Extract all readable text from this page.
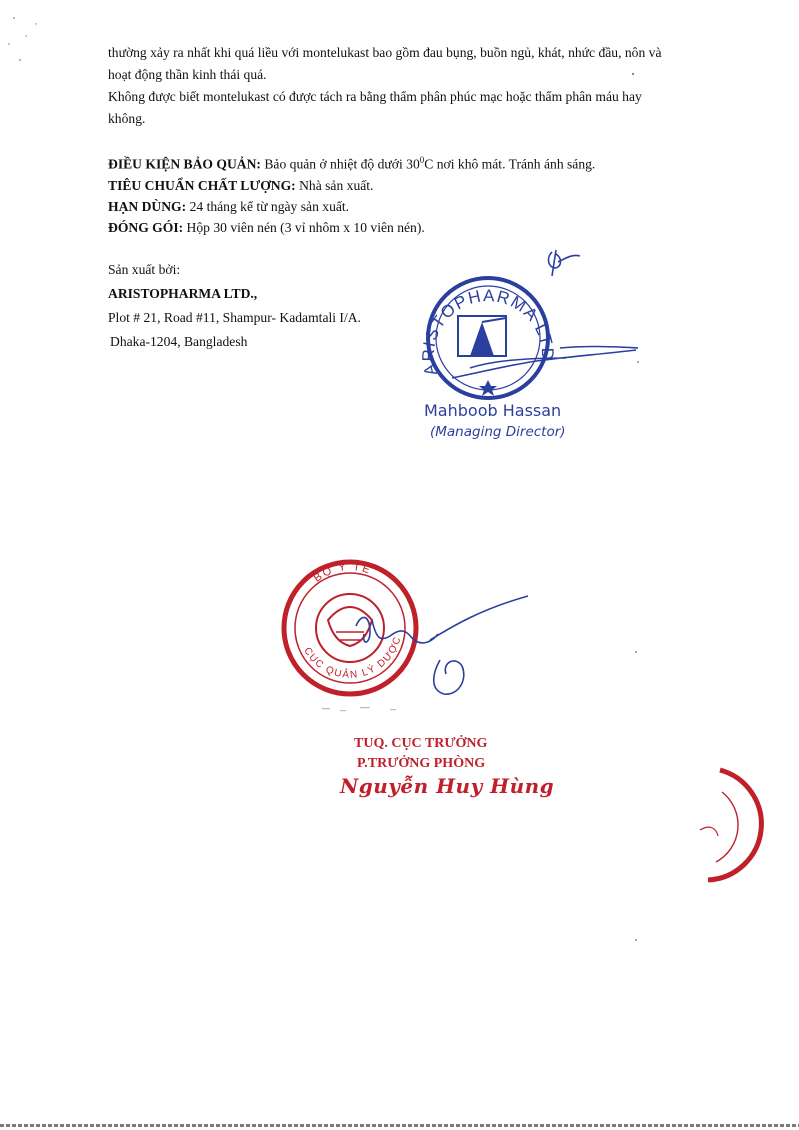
thường xảy ra nhất khi quá liều với montelukast bao gồm đau bụng, buồn ngủ, khát, nhức đầu, nôn và

hoạt động thần kinh thái quá.

Không được biết montelukast có được tách ra bằng thẩm phân phúc mạc hoặc thẩm phân máu hay

không.

ĐIỀU KIỆN BẢO QUẢN: Bảo quản ở nhiệt độ dưới $30^0C$ nơi khô mát. Tránh ánh sáng.

TIÊU CHUẨN CHẤT LƯỢNG: Nhà sản xuất.

HẠN DÙNG: 24 tháng kể từ ngày sản xuất.

ĐÓNG GÓI: Hộp 30 viên nén (3 vỉ nhôm x 10 viên nén).

Sản xuất bởi:

ARISTOPHARMA LTD.,

Plot # 21, Road #11, Shampur- Kadamtali I/A.

Dhaka-1204, Bangladesh

ARISTOPHARMA LTD.
BỘ Y TẾ
CỤC QUẢN LÝ DƯỢC
Mahboob Hassan
(Managing Director)
TUQ. CỤC TRƯỞNG
P.TRƯỞNG PHÒNG
Nguyễn Huy Hùng
